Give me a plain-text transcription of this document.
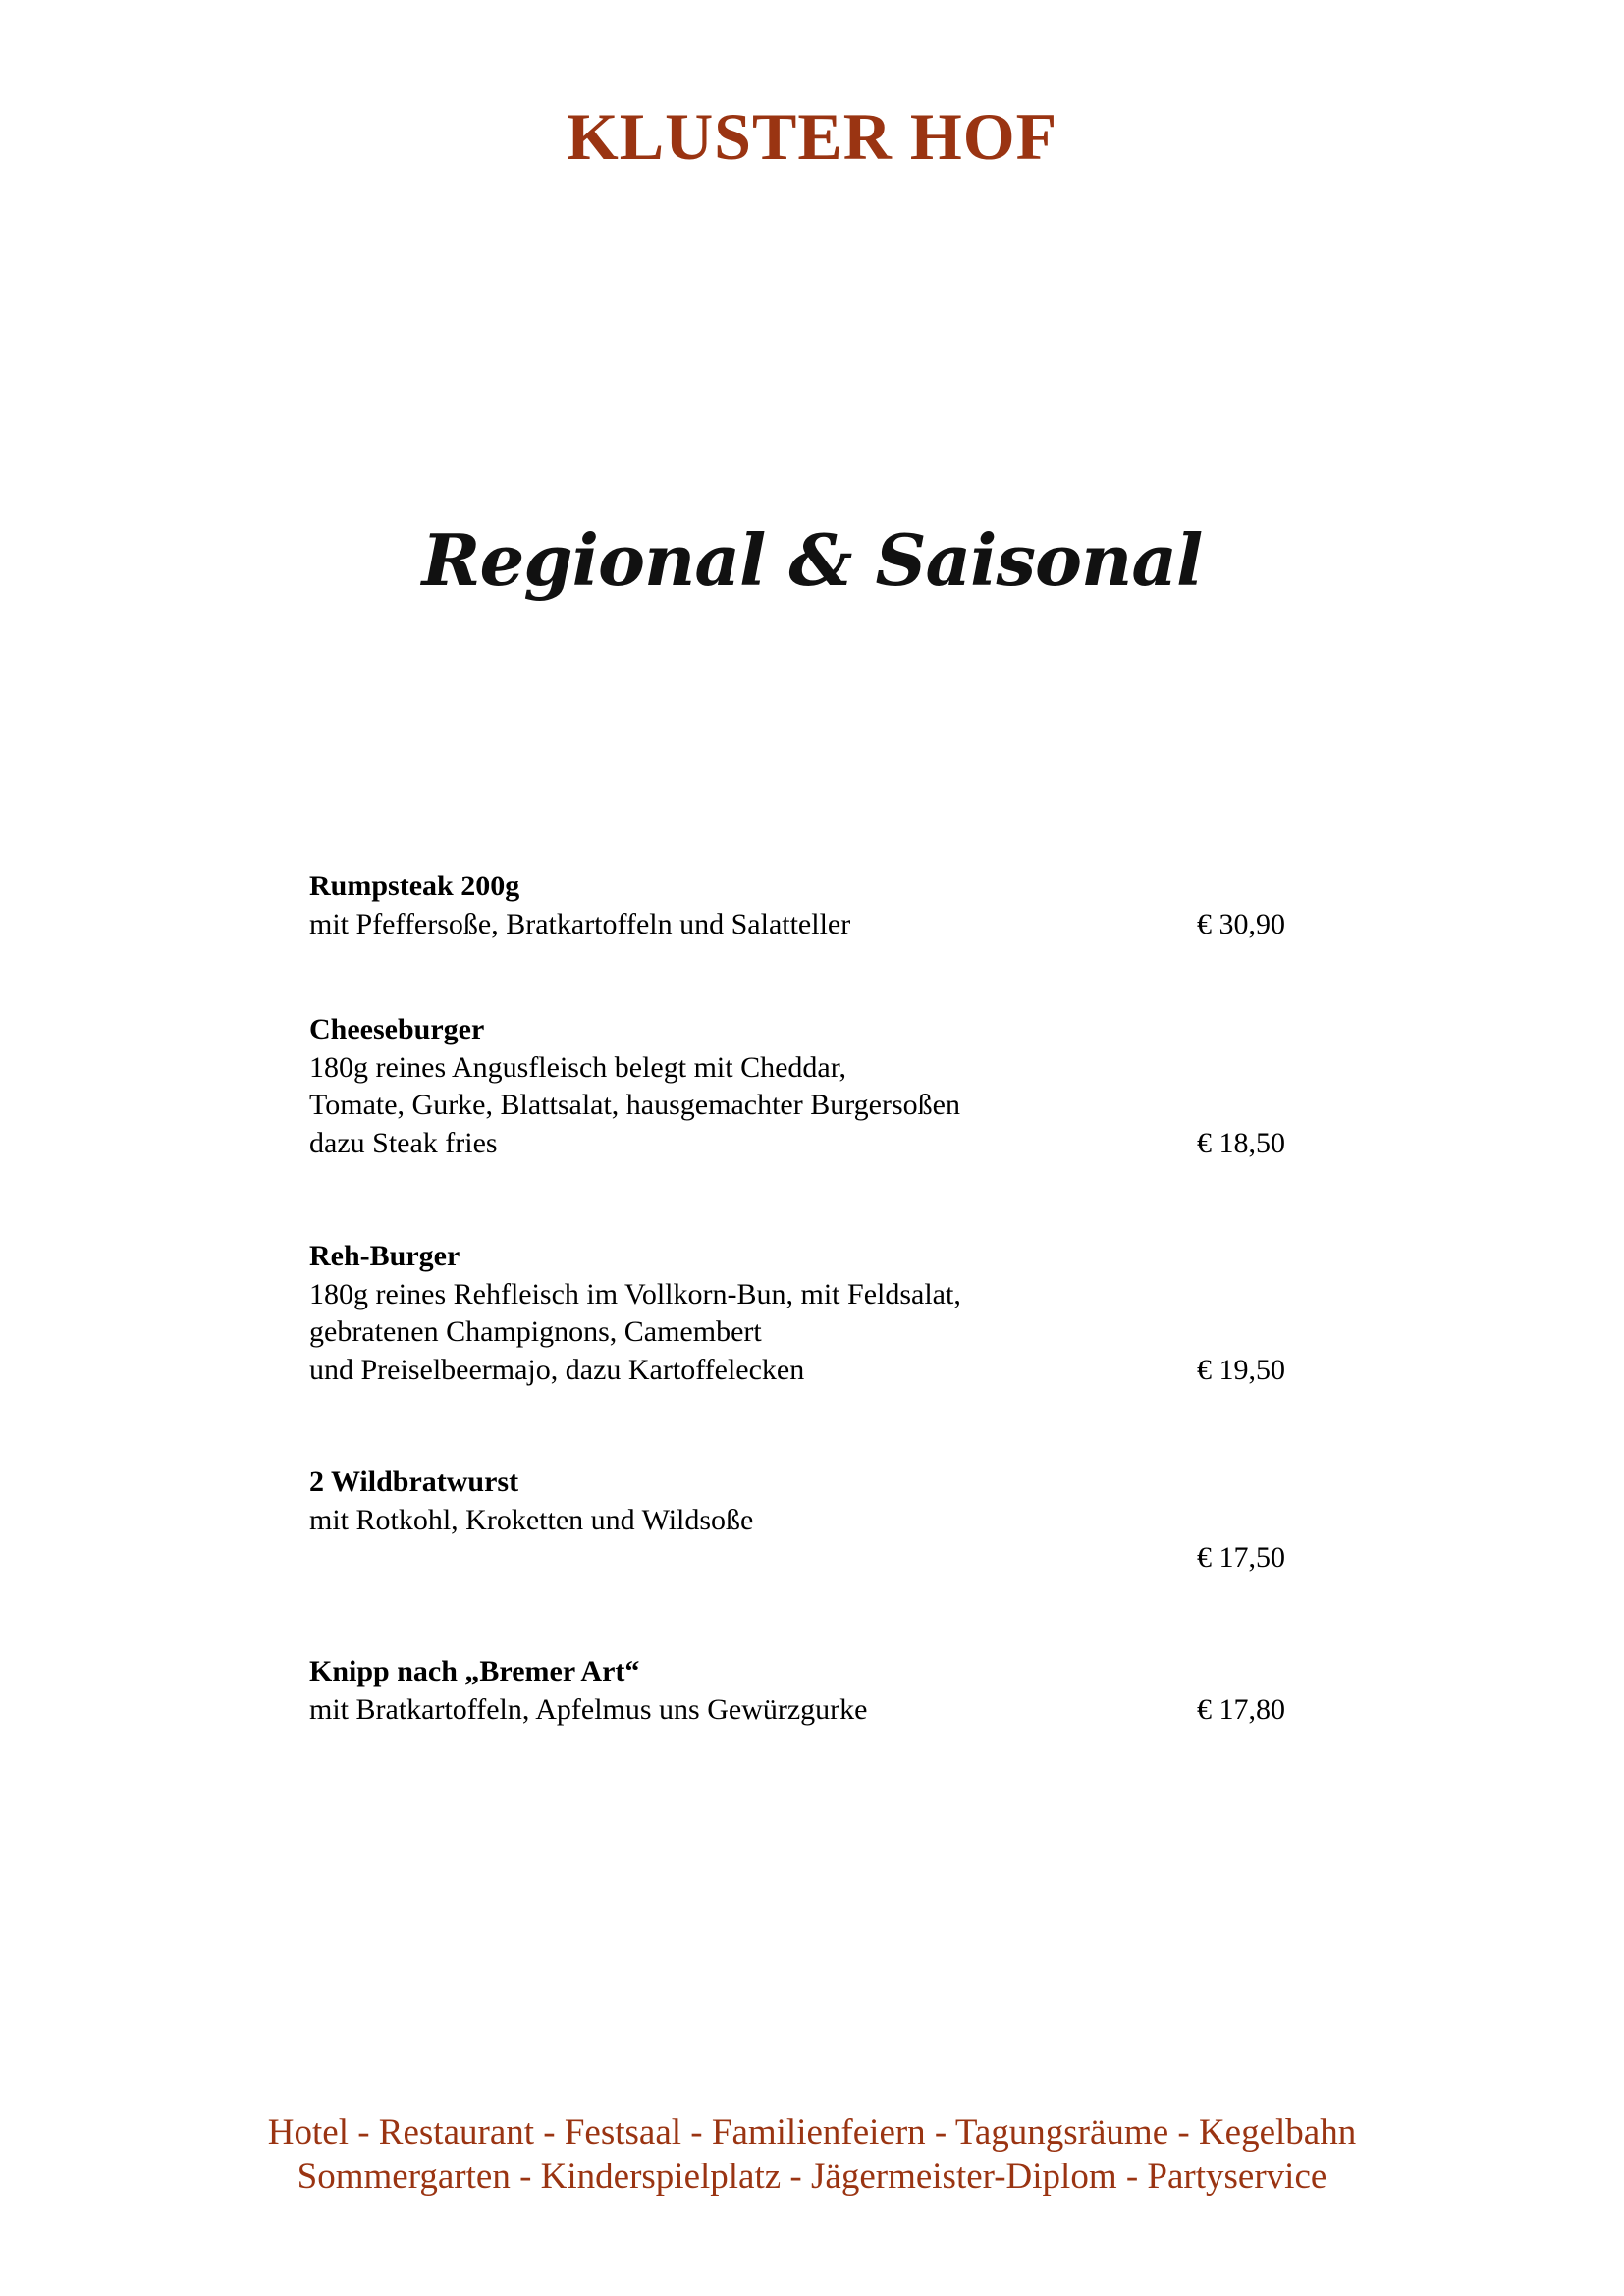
KLUSTER HOF
Regional & Saisonal
Rumpsteak 200g
mit Pfeffersoße, Bratkartoffeln und Salatteller	€ 30,90
Cheeseburger
180g reines Angusfleisch belegt mit Cheddar,
Tomate, Gurke, Blattsalat, hausgemachter Burgersoßen
dazu Steak fries	€ 18,50
Reh-Burger
180g reines Rehfleisch im Vollkorn-Bun, mit Feldsalat,
gebratenen Champignons, Camembert
und Preiselbeermajo, dazu Kartoffelecken	€ 19,50
2 Wildbratwurst
mit Rotkohl, Kroketten und Wildsoße
€ 17,50
Knipp nach „Bremer Art“
mit Bratkartoffeln, Apfelmus uns Gewürzgurke	€ 17,80
Hotel - Restaurant - Festsaal - Familienfeiern - Tagungsräume - Kegelbahn
Sommergarten - Kinderspielplatz - Jägermeister-Diplom - Partyservice
